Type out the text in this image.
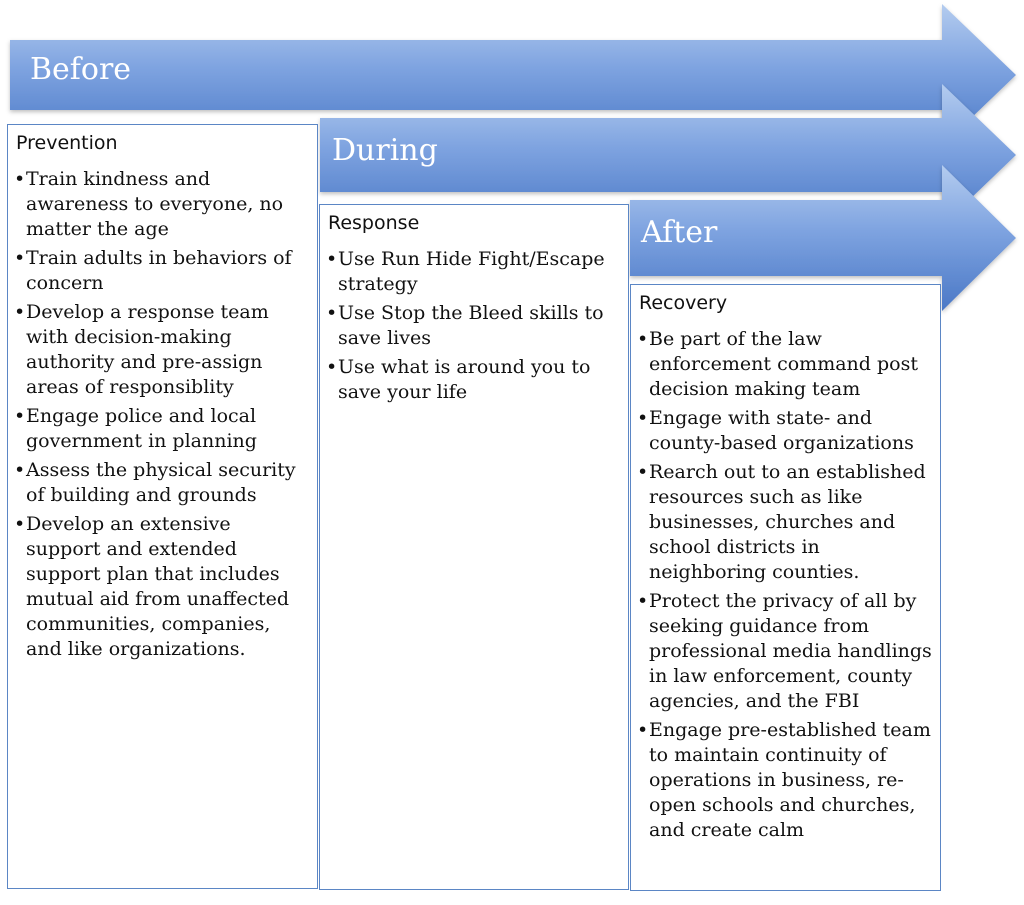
Before
During
After
Prevention
• Train kindness and awareness to everyone, no matter the age
• Train adults in behaviors of concern
• Develop a response team with decision-making authority and pre-assign areas of responsiblity
• Engage police and local government in planning
• Assess the physical security of building and grounds
• Develop an extensive support and extended support plan that includes mutual aid from unaffected communities, companies, and like organizations.
Response
• Use Run Hide Fight/Escape strategy
• Use Stop the Bleed skills to save lives
• Use what is around you to save your life
Recovery
• Be part of the law enforcement command post decision making team
• Engage with state- and county-based organizations
• Rearch out to an established resources such as like businesses, churches and school districts in neighboring counties.
• Protect the privacy of all by seeking guidance from professional media handlings in law enforcement, county agencies, and the FBI
• Engage pre-established team to maintain continuity of operations in business, re-open schools and churches, and create calm
